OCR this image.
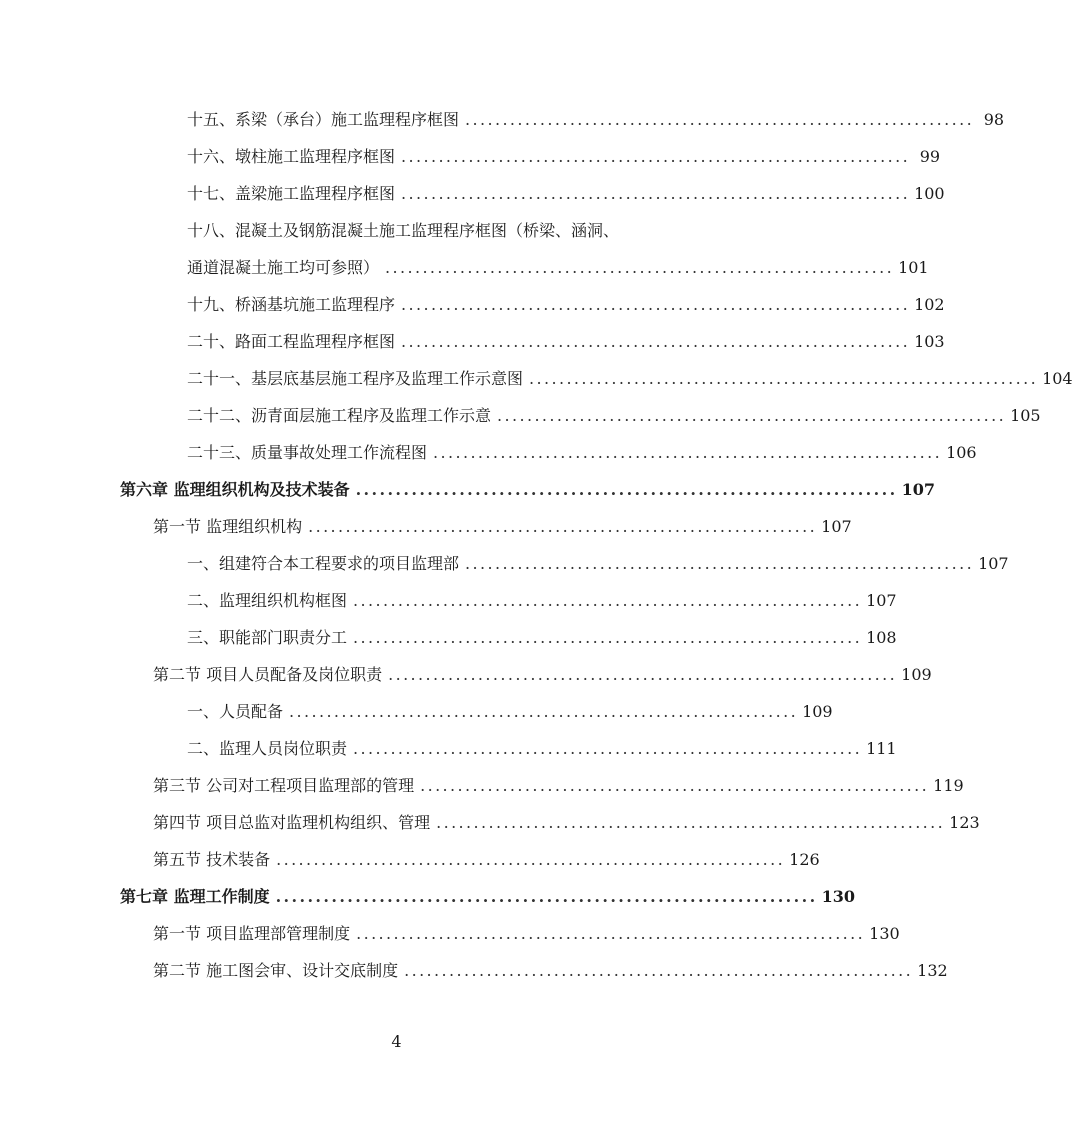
十五、系梁（承台）施工监理程序框图 .................................................................... 98
十六、墩柱施工监理程序框图 .................................................................... 99
十七、盖梁施工监理程序框图 .................................................................... 100
十八、混凝土及钢筋混凝土施工监理程序框图（桥梁、涵洞、
通道混凝土施工均可参照） .................................................................... 101
十九、桥涵基坑施工监理程序 .................................................................... 102
二十、路面工程监理程序框图 .................................................................... 103
二十一、基层底基层施工程序及监理工作示意图 .................................................................... 104
二十二、沥青面层施工程序及监理工作示意 .................................................................... 105
二十三、质量事故处理工作流程图 .................................................................... 106
第六章 监理组织机构及技术装备 .................................................................... 107
第一节 监理组织机构 .................................................................... 107
一、组建符合本工程要求的项目监理部 .................................................................... 107
二、监理组织机构框图 .................................................................... 107
三、职能部门职责分工 .................................................................... 108
第二节 项目人员配备及岗位职责 .................................................................... 109
一、人员配备 .................................................................... 109
二、监理人员岗位职责 .................................................................... 111
第三节 公司对工程项目监理部的管理 .................................................................... 119
第四节 项目总监对监理机构组织、管理 .................................................................... 123
第五节 技术装备 .................................................................... 126
第七章 监理工作制度 .................................................................... 130
第一节 项目监理部管理制度 .................................................................... 130
第二节 施工图会审、设计交底制度 .................................................................... 132
4
